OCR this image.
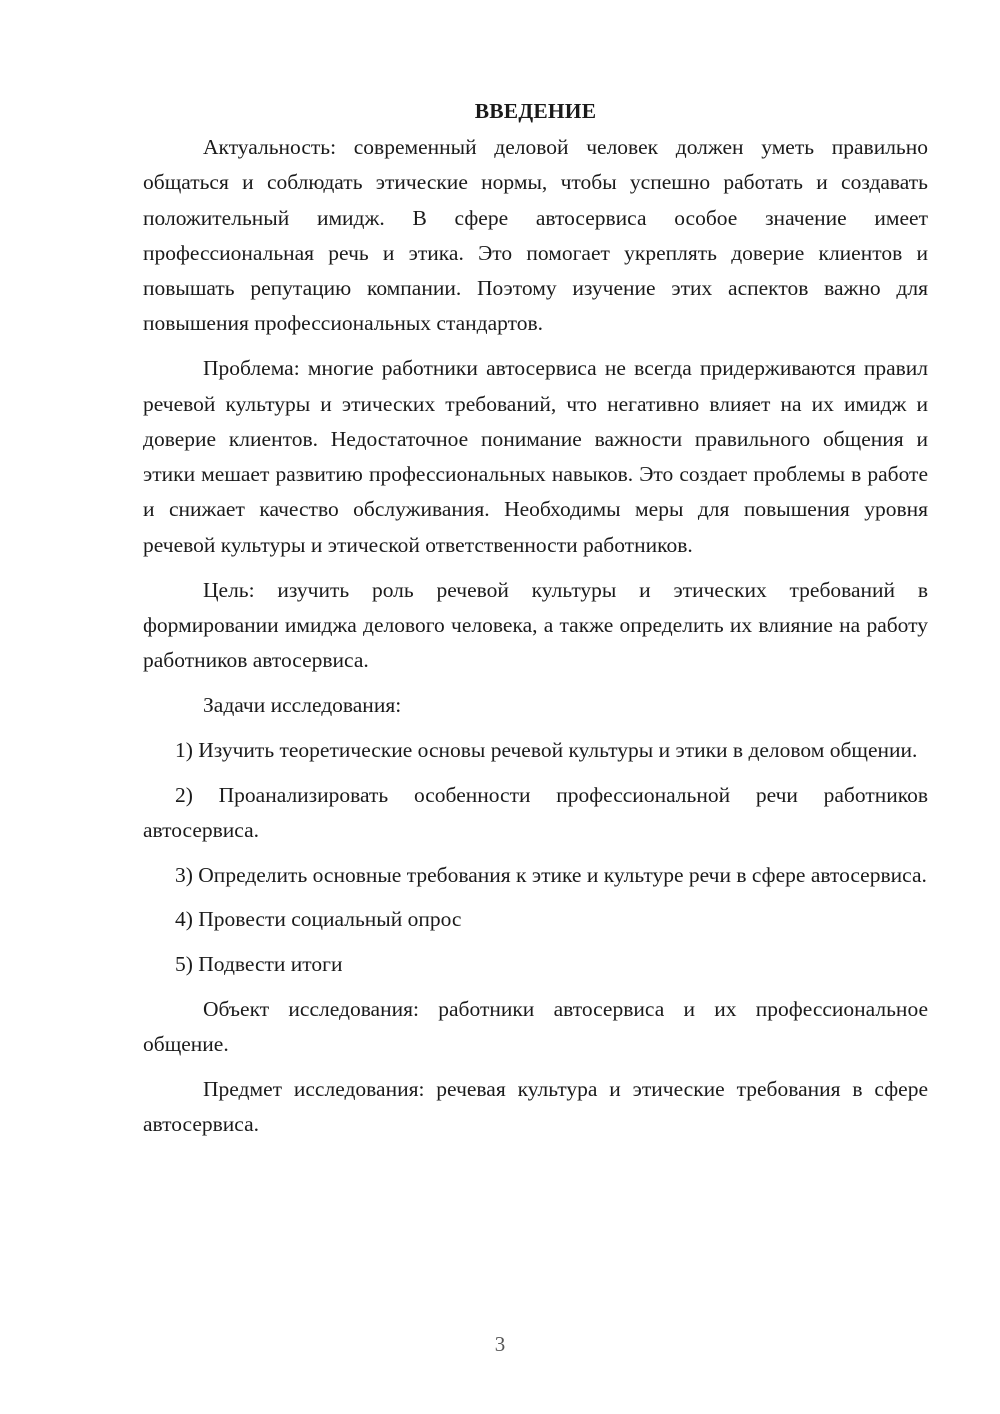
ВВЕДЕНИЕ

Актуальность: современный деловой человек должен уметь правильно общаться и соблюдать этические нормы, чтобы успешно работать и создавать положительный имидж. В сфере автосервиса особое значение имеет профессиональная речь и этика. Это помогает укреплять доверие клиентов и повышать репутацию компании. Поэтому изучение этих аспектов важно для повышения профессиональных стандартов.

Проблема: многие работники автосервиса не всегда придерживаются правил речевой культуры и этических требований, что негативно влияет на их имидж и доверие клиентов. Недостаточное понимание важности правильного общения и этики мешает развитию профессиональных навыков. Это создает проблемы в работе и снижает качество обслуживания. Необходимы меры для повышения уровня речевой культуры и этической ответственности работников.

Цель: изучить роль речевой культуры и этических требований в формировании имиджа делового человека, а также определить их влияние на работу работников автосервиса.

Задачи исследования:

1) Изучить теоретические основы речевой культуры и этики в деловом общении.

2) Проанализировать особенности профессиональной речи работников автосервиса.

3) Определить основные требования к этике и культуре речи в сфере автосервиса.

4) Провести социальный опрос

5) Подвести итоги

Объект исследования: работники автосервиса и их профессиональное общение.

Предмет исследования: речевая культура и этические требования в сфере автосервиса.

3
